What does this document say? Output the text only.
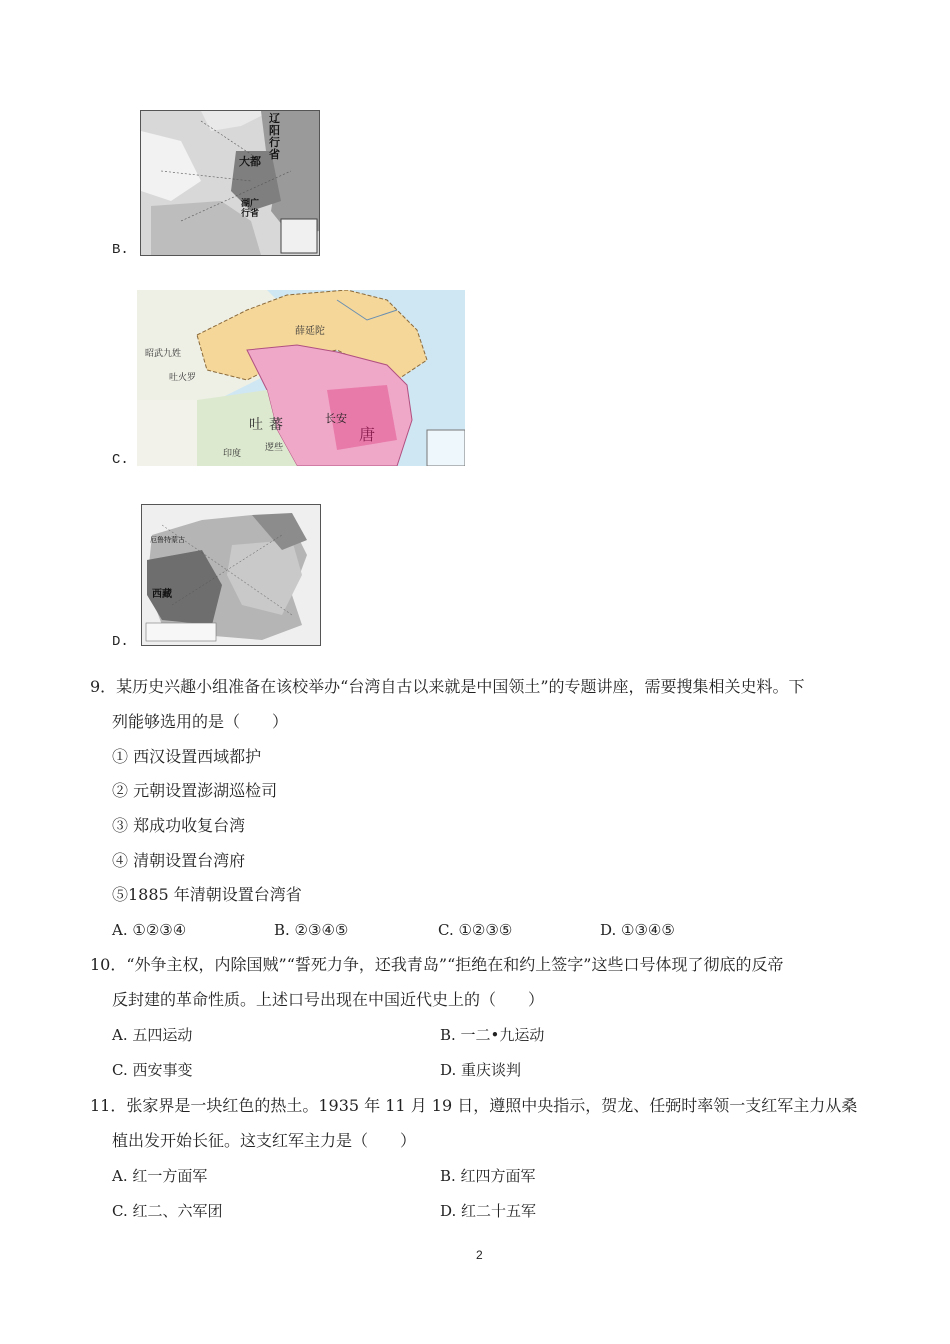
辽阳行省
大都
湖广行省
B.
薛延陀
昭武九姓
吐火罗
吐蕃	长安
唐
印度
逻些
C.
厄鲁特蒙古
西藏
D.
9．某历史兴趣小组准备在该校举办“台湾自古以来就是中国领土”的专题讲座，需要搜集相关史料。下
列能够选用的是（　　）
① 西汉设置西域都护
② 元朝设置澎湖巡检司
③ 郑成功收复台湾
④ 清朝设置台湾府
⑤1885 年清朝设置台湾省
A. ①②③④	B. ②③④⑤	C. ①②③⑤	D. ①③④⑤
10．“外争主权，内除国贼”“誓死力争，还我青岛”“拒绝在和约上签字”这些口号体现了彻底的反帝
反封建的革命性质。上述口号出现在中国近代史上的（　　）
A. 五四运动	B. 一二•九运动
C. 西安事变	D. 重庆谈判
11．张家界是一块红色的热土。1935 年 11 月 19 日，遵照中央指示，贺龙、任弼时率领一支红军主力从桑
植出发开始长征。这支红军主力是（　　）
A. 红一方面军	B. 红四方面军
C. 红二、六军团	D. 红二十五军
2
